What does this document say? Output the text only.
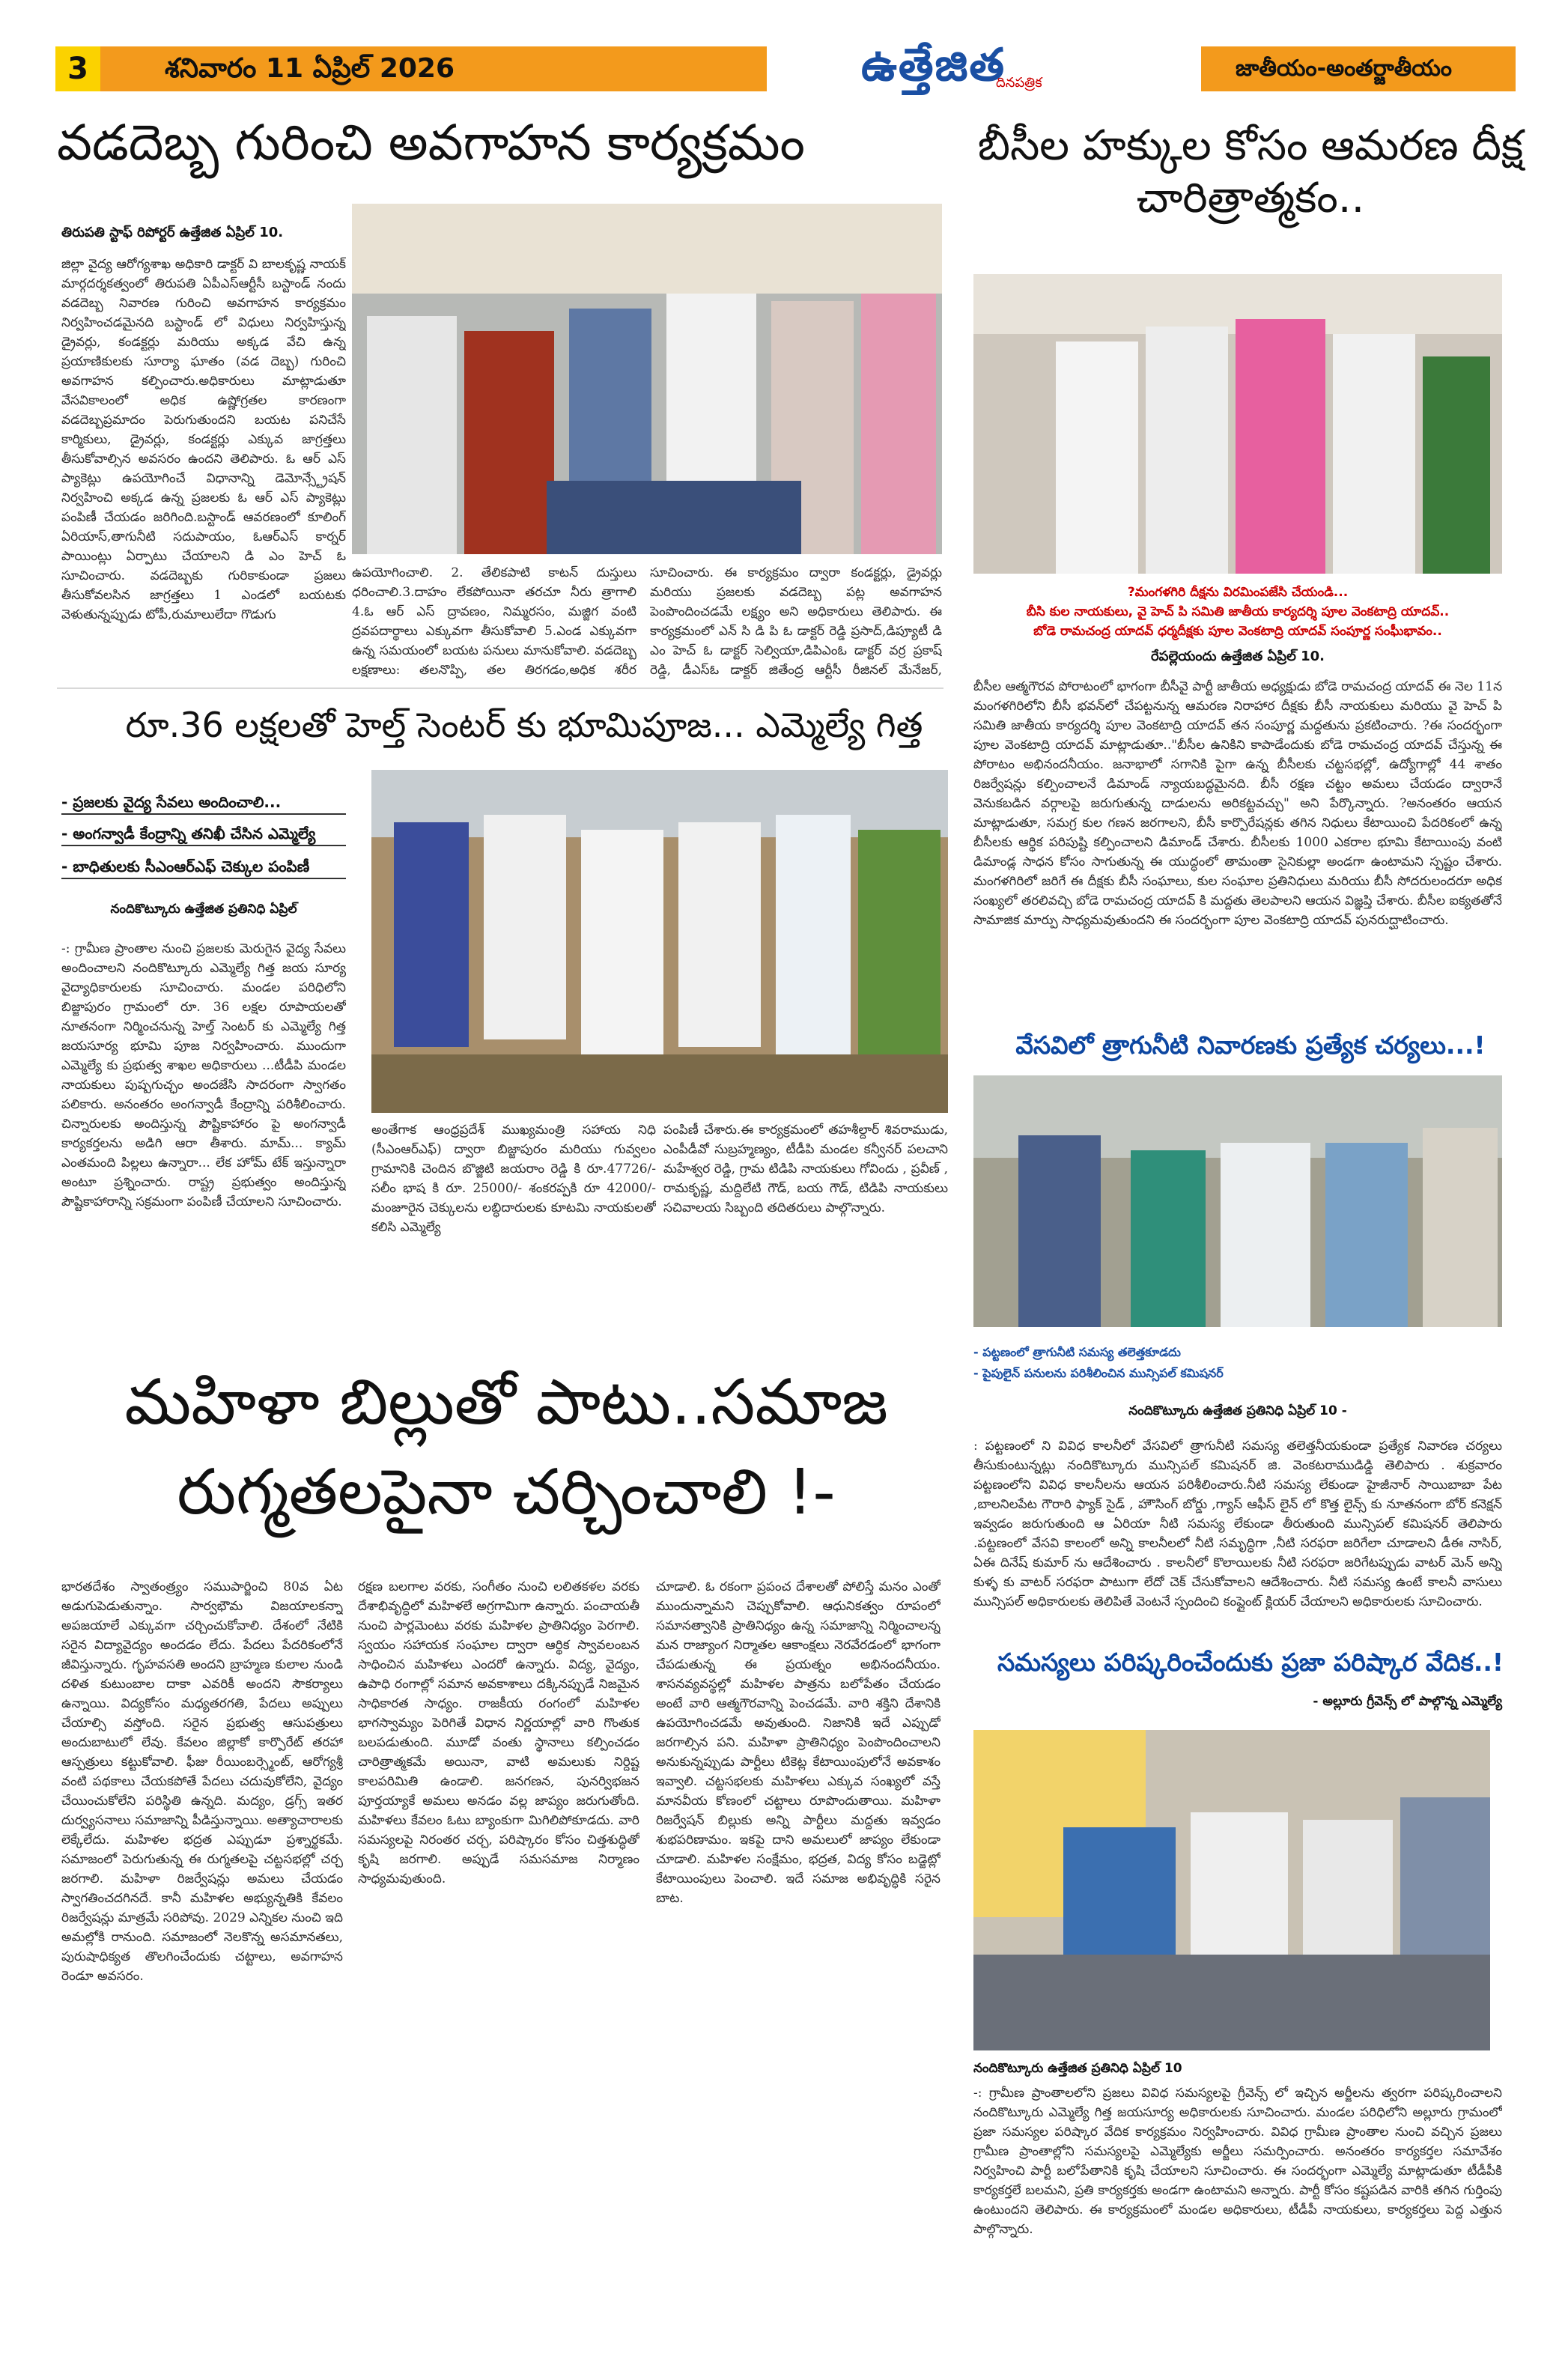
3	శనివారం 11 ఏప్రిల్ 2026	ఉత్తేజిత
దినపత్రిక
జాతీయం-అంతర్జాతీయం
వడదెబ్బ గురించి అవగాహన కార్యక్రమం
తిరుపతి స్టాఫ్ రిపోర్టర్ ఉత్తేజిత ఏప్రిల్ 10.
జిల్లా వైద్య ఆరోగ్యశాఖ అధికారి డాక్టర్ వి బాలకృష్ణ నాయక్ మార్గదర్శకత్వంలో తిరుపతి ఏపీఎస్ఆర్టీసీ బస్టాండ్ నందు వడదెబ్బ నివారణ గురించి అవగాహన కార్యక్రమం నిర్వహించడమైనది బస్టాండ్ లో విధులు నిర్వహిస్తున్న డ్రైవర్లు, కండక్టర్లు మరియు అక్కడ వేచి ఉన్న ప్రయాణికులకు సూర్యా ఘాతం (వడ దెబ్బ) గురించి అవగాహన కల్పించారు.అధికారులు మాట్లాడుతూ వేసవికాలంలో అధిక ఉష్ణోగ్రతల కారణంగా వడదెబ్బప్రమాదం పెరుగుతుందని బయట పనిచేసే కార్మికులు, డ్రైవర్లు, కండక్టర్లు ఎక్కువ జాగ్రత్తలు తీసుకోవాల్సిన అవసరం ఉందని తెలిపారు. ఓ ఆర్ ఎస్ ప్యాకెట్లు ఉపయోగించే విధానాన్ని డెమోన్స్ట్రేషన్ నిర్వహించి అక్కడ ఉన్న ప్రజలకు ఓ ఆర్ ఎస్ ప్యాకెట్లు పంపిణీ చేయడం జరిగింది.బస్టాండ్ ఆవరణంలో కూలింగ్ ఏరియాస్,తాగునీటి సదుపాయం, ఓఆర్ఎస్ కార్నర్ పాయింట్లు ఏర్పాటు చేయాలని డి ఎం హెచ్ ఓ సూచించారు. వడదెబ్బకు గురికాకుండా ప్రజలు తీసుకోవలసిన జాగ్రత్తలు 1 ఎండలో బయటకు వెళుతున్నప్పుడు టోపీ,రుమాలులేదా గొడుగు
ఉపయోగించాలి. 2. తేలికపాటి కాటన్ దుస్తులు ధరించాలి.3.దాహం లేకపోయినా తరచూ నీరు త్రాగాలి 4.ఓ ఆర్ ఎస్ ద్రావణం, నిమ్మరసం, మజ్జిగ వంటి ద్రవపదార్థాలు ఎక్కువగా తీసుకోవాలి 5.ఎండ ఎక్కువగా ఉన్న సమయంలో బయట పనులు మానుకోవాలి. వడదెబ్బ లక్షణాలు: తలనొప్పి, తల తిరగడం,అధిక శరీర
సూచించారు. ఈ కార్యక్రమం ద్వారా కండక్టర్లు, డ్రైవర్లు మరియు ప్రజలకు వడదెబ్బ పట్ల అవగాహన పెంపొందించడమే లక్ష్యం అని అధికారులు తెలిపారు. ఈ కార్యక్రమంలో ఎన్ సి డి పి ఓ డాక్టర్ రెడ్డి ప్రసాద్,డిప్యూటీ డి ఎం హెచ్ ఓ డాక్టర్ సెల్వియా,డిపిఎంఓ డాక్టర్ వర్ర ప్రకాష్ రెడ్డి, డీఎస్ఓ డాక్టర్ జితేంద్ర ఆర్టీసీ రీజినల్ మేనేజర్,
బీసీల హక్కుల కోసం ఆమరణ దీక్ష చారిత్రాత్మకం..
?మంగళగిరి దీక్షను విరమింపజేసి చేయండి...
బీసి కుల నాయకులు, వై హెచ్ పి సమితి జాతీయ కార్యదర్శి పూల వెంకటాద్రి యాదవ్..
బోడె రామచంద్ర యాదవ్ ధర్మదీక్షకు పూల వెంకటాద్రి యాదవ్ సంపూర్ణ సంఘీభావం..
రేపల్లెయందు ఉత్తేజిత ఏప్రిల్ 10.
బీసీల ఆత్మగౌరవ పోరాటంలో భాగంగా బీసీవై పార్టీ జాతీయ అధ్యక్షుడు బోడె రామచంద్ర యాదవ్ ఈ నెల 11న మంగళగిరిలోని బీసీ భవన్‌లో చేపట్టనున్న ఆమరణ నిరాహార దీక్షకు బీసీ నాయకులు మరియు వై హెచ్ పి సమితి జాతీయ కార్యదర్శి పూల వెంకటాద్రి యాదవ్ తన సంపూర్ణ మద్దతును ప్రకటించారు. ?ఈ సందర్భంగా పూల వెంకటాద్రి యాదవ్ మాట్లాడుతూ.."బీసీల ఉనికిని కాపాడేందుకు బోడె రామచంద్ర యాదవ్ చేస్తున్న ఈ పోరాటం అభినందనీయం. జనాభాలో సగానికి పైగా ఉన్న బీసీలకు చట్టసభల్లో, ఉద్యోగాల్లో 44 శాతం రిజర్వేషన్లు కల్పించాలనే డిమాండ్ న్యాయబద్ధమైనది. బీసీ రక్షణ చట్టం అమలు చేయడం ద్వారానే వెనుకబడిన వర్గాలపై జరుగుతున్న దాడులను అరికట్టవచ్చు" అని పేర్కొన్నారు. ?అనంతరం ఆయన మాట్లాడుతూ, సమగ్ర కుల గణన జరగాలని, బీసీ కార్పొరేషన్లకు తగిన నిధులు కేటాయించి పేదరికంలో ఉన్న బీసీలకు ఆర్థిక పరిపుష్టి కల్పించాలని డిమాండ్ చేశారు. బీసీలకు 1000 ఎకరాల భూమి కేటాయింపు వంటి డిమాండ్ల సాధన కోసం సాగుతున్న ఈ యుద్ధంలో తామంతా సైనికుల్లా అండగా ఉంటామని స్పష్టం చేశారు. మంగళగిరిలో జరిగే ఈ దీక్షకు బీసీ సంఘాలు, కుల సంఘాల ప్రతినిధులు మరియు బీసీ సోదరులందరూ అధిక సంఖ్యలో తరలివచ్చి బోడె రామచంద్ర యాదవ్ కి మద్దతు తెలపాలని ఆయన విజ్ఞప్తి చేశారు. బీసీల ఐక్యతతోనే సామాజిక మార్పు సాధ్యమవుతుందని ఈ సందర్భంగా పూల వెంకటాద్రి యాదవ్ పునరుద్ఘాటించారు.
రూ.36 లక్షలతో హెల్త్ సెంటర్ కు భూమిపూజ... ఎమ్మెల్యే గిత్త
- ప్రజలకు వైద్య సేవలు అందించాలి...
- అంగన్వాడీ కేంద్రాన్ని తనిఖీ చేసిన ఎమ్మెల్యే
- బాధితులకు సీఎంఆర్ఎఫ్ చెక్కుల పంపిణీ
నందికొట్కూరు ఉత్తేజిత ప్రతినిధి ఏప్రిల్
-: గ్రామీణ ప్రాంతాల నుంచి ప్రజలకు మెరుగైన వైద్య సేవలు అందించాలని నందికొట్కూరు ఎమ్మెల్యే గిత్త జయ సూర్య వైద్యాధికారులకు సూచించారు. మండల పరిధిలోని బిజ్జాపురం గ్రామంలో రూ. 36 లక్షల రూపాయలతో నూతనంగా నిర్మించనున్న హెల్త్ సెంటర్ కు ఎమ్మెల్యే గిత్త జయసూర్య భూమి పూజ నిర్వహించారు. ముందుగా ఎమ్మెల్యే కు ప్రభుత్వ శాఖల అధికారులు ...టీడీపి మండల నాయకులు పుష్పగుచ్ఛం అందజేసి సాదరంగా స్వాగతం పలికారు. అనంతరం అంగన్వాడీ కేంద్రాన్ని పరిశీలించారు. చిన్నారులకు అందిస్తున్న పౌష్టికాహారం పై అంగన్వాడీ కార్యకర్తలను అడిగి ఆరా తీశారు. మామ్... క్యామ్ ఎంతమంది పిల్లలు ఉన్నారా... లేక హోమ్ టేక్ ఇస్తున్నారా అంటూ ప్రశ్నించారు. రాష్ట్ర ప్రభుత్వం అందిస్తున్న పౌష్టికాహారాన్ని సక్రమంగా పంపిణీ చేయాలని సూచించారు.
అంతేగాక ఆంధ్రప్రదేశ్ ముఖ్యమంత్రి సహాయ నిధి (సీఎంఆర్ఎఫ్) ద్వారా బిజ్జాపురం మరియు గువ్వలం గ్రామానికి చెందిన బొజ్జిటి జయరాం రెడ్డి కి రూ.47726/- సలీం భాష కి రూ. 25000/- శంకరప్పకి రూ 42000/- మంజూరైన చెక్కులను లబ్ధిదారులకు కూటమి నాయకులతో కలిసి ఎమ్మెల్యే
పంపిణీ చేశారు.ఈ కార్యక్రమంలో తహశీల్దార్ శివరాముడు, ఎంపీడీవో సుబ్రహ్మణ్యం, టీడీపి మండల కన్వీనర్ పలచాని మహేశ్వర రెడ్డి, గ్రామ టిడిపి నాయకులు గోవిందు , ప్రవీణ్ , రామకృష్ణ, మద్దిలేటి గౌడ్, బయ గౌడ్, టిడిపి నాయకులు సచివాలయ సిబ్బంది తదితరులు పాల్గొన్నారు.
వేసవిలో త్రాగునీటి నివారణకు ప్రత్యేక చర్యలు...!
- పట్టణంలో త్రాగునీటి సమస్య తలెత్తకూడదు
- పైపులైన్ పనులను పరిశీలించిన మున్సిపల్ కమిషనర్
నందికొట్కూరు ఉత్తేజిత ప్రతినిధి ఏప్రిల్ 10 -
: పట్టణంలో ని వివిధ కాలనీలో వేసవిలో త్రాగునీటి సమస్య తలెత్తనీయకుండా ప్రత్యేక నివారణ చర్యలు తీసుకుంటున్నట్లు నందికొట్కూరు మున్సిపల్ కమిషనర్ జి. వెంకటరాముడిడ్డి తెలిపారు . శుక్రవారం పట్టణంలోని వివిధ కాలనీలను ఆయన పరిశీలించారు.నీటి సమస్య లేకుండా హైజీనార్ సాయిబాబా పేట ,బాలనిలపేట గౌరారి ఫ్యాక్ సైడ్ , హౌసింగ్ బోర్డు ,గ్యాస్ ఆఫీస్ లైన్ లో కొత్త లైన్స్ కు నూతనంగా బోర్ కనెక్షన్ ఇవ్వడం జరుగుతుంది ఆ ఏరియా నీటి సమస్య లేకుండా తీరుతుంది మున్సిపల్ కమిషనర్ తెలిపారు .పట్టణంలో వేసవి కాలంలో అన్ని కాలనీలలో నీటి సమృద్ధిగా ,నీటి సరఫరా జరిగేలా చూడాలని డీఈ నాసిర్, ఏఈ దినేష్ కుమార్ ను ఆదేశించారు . కాలనీలో కొలాయిలకు నీటి సరఫరా జరిగేటప్పుడు వాటర్ మెన్ అన్ని కుళ్ళ కు వాటర్ సరఫరా పాటుగా లేదో చెక్ చేసుకోవాలని ఆదేశించారు. నీటి సమస్య ఉంటే కాలనీ వాసులు మున్సిపల్ అధికారులకు తెలిపితే వెంటనే స్పందించి కంప్లైంట్ క్లియర్ చేయాలని అధికారులకు సూచించారు.
మహిళా బిల్లుతో పాటు..సమాజ
రుగ్మతలపైనా చర్చించాలి !-
భారతదేశం స్వాతంత్ర్యం సముపార్జించి 80వ ఏట అడుగుపెడుతున్నాం. సార్వభౌమ విజయాలకన్నా అపజయాలే ఎక్కువగా చర్చించుకోవాలి. దేశంలో నేటికి సరైన విద్యావైద్యం అందడం లేదు. పేదలు పేదరికంలోనే జీవిస్తున్నారు. గృహవసతి అందని బ్రాహ్మణ కులాల నుండి దళిత కుటుంబాల దాకా ఎవరికీ అందని సౌకర్యాలు ఉన్నాయి. విద్యకోసం మధ్యతరగతి, పేదలు అప్పులు చేయాల్సి వస్తోంది. సరైన ప్రభుత్వ ఆసుపత్రులు అందుబాటులో లేవు. కేవలం జిల్లాకో కార్పొరేట్ తరహా ఆస్పత్రులు కట్టుకోవాలి. ఫీజు రీయింబర్స్మెంట్, ఆరోగ్యశ్రీ వంటి పథకాలు చేయకపోతే పేదలు చదువుకోలేని, వైద్యం చేయించుకోలేని పరిస్థితి ఉన్నది. మద్యం, డ్రగ్స్ ఇతర దుర్వ్యసనాలు సమాజాన్ని పీడిస్తున్నాయి. అత్యాచారాలకు లెక్కేలేదు. మహిళల భద్రత ఎప్పుడూ ప్రశ్నార్థకమే. సమాజంలో పెరుగుతున్న ఈ రుగ్మతలపై చట్టసభల్లో చర్చ జరగాలి. మహిళా రిజర్వేషన్లు అమలు చేయడం స్వాగతించదగినదే. కానీ మహిళల అభ్యున్నతికి కేవలం రిజర్వేషన్లు మాత్రమే సరిపోవు. 2029 ఎన్నికల నుంచి ఇది అమల్లోకి రానుంది. సమాజంలో నెలకొన్న అసమానతలు, పురుషాధిక్యత తొలగించేందుకు చట్టాలు, అవగాహన రెండూ అవసరం.
రక్షణ బలగాల వరకు, సంగీతం నుంచి లలితకళల వరకు దేశాభివృద్ధిలో మహిళలే అగ్రగామిగా ఉన్నారు. పంచాయతీ నుంచి పార్లమెంటు వరకు మహిళల ప్రాతినిధ్యం పెరగాలి. స్వయం సహాయక సంఘాల ద్వారా ఆర్థిక స్వావలంబన సాధించిన మహిళలు ఎందరో ఉన్నారు. విద్య, వైద్యం, ఉపాధి రంగాల్లో సమాన అవకాశాలు దక్కినప్పుడే నిజమైన సాధికారత సాధ్యం. రాజకీయ రంగంలో మహిళల భాగస్వామ్యం పెరిగితే విధాన నిర్ణయాల్లో వారి గొంతుక బలపడుతుంది. మూడో వంతు స్థానాలు కల్పించడం చారిత్రాత్మకమే అయినా, వాటి అమలుకు నిర్దిష్ట కాలపరిమితి ఉండాలి. జనగణన, పునర్విభజన పూర్తయ్యాకే అమలు అనడం వల్ల జాప్యం జరుగుతోంది. మహిళలు కేవలం ఓటు బ్యాంకుగా మిగిలిపోకూడదు. వారి సమస్యలపై నిరంతర చర్చ, పరిష్కారం కోసం చిత్తశుద్ధితో కృషి జరగాలి. అప్పుడే సమసమాజ నిర్మాణం సాధ్యమవుతుంది.
చూడాలి. ఓ రకంగా ప్రపంచ దేశాలతో పోలిస్తే మనం ఎంతో ముందున్నామని చెప్పుకోవాలి. ఆధునికత్వం రూపంలో సమానత్వానికి ప్రాతినిధ్యం ఉన్న సమాజాన్ని నిర్మించాలన్న మన రాజ్యాంగ నిర్మాతల ఆకాంక్షలు నెరవేరడంలో భాగంగా చేపడుతున్న ఈ ప్రయత్నం అభినందనీయం. శాసనవ్యవస్థల్లో మహిళల పాత్రను బలోపేతం చేయడం అంటే వారి ఆత్మగౌరవాన్ని పెంచడమే. వారి శక్తిని దేశానికి ఉపయోగించడమే అవుతుంది. నిజానికి ఇదే ఎప్పుడో జరగాల్సిన పని. మహిళా ప్రాతినిధ్యం పెంపొందించాలని అనుకున్నప్పుడు పార్టీలు టికెట్ల కేటాయింపులోనే అవకాశం ఇవ్వాలి. చట్టసభలకు మహిళలు ఎక్కువ సంఖ్యలో వస్తే మానవీయ కోణంలో చట్టాలు రూపొందుతాయి. మహిళా రిజర్వేషన్ బిల్లుకు అన్ని పార్టీలు మద్దతు ఇవ్వడం శుభపరిణామం. ఇకపై దాని అమలులో జాప్యం లేకుండా చూడాలి. మహిళల సంక్షేమం, భద్రత, విద్య కోసం బడ్జెట్లో కేటాయింపులు పెంచాలి. ఇదే సమాజ అభివృద్ధికి సరైన బాట.
సమస్యలు పరిష్కరించేందుకు ప్రజా పరిష్కార వేదిక..!
- అల్లూరు గ్రీవెన్స్ లో పాల్గొన్న ఎమ్మెల్యే
నందికొట్కూరు ఉత్తేజిత ప్రతినిధి ఏప్రిల్ 10
-: గ్రామీణ ప్రాంతాలలోని ప్రజలు వివిధ సమస్యలపై గ్రీవెన్స్ లో ఇచ్చిన అర్జీలను త్వరగా పరిష్కరించాలని నందికొట్కూరు ఎమ్మెల్యే గిత్త జయసూర్య అధికారులకు సూచించారు. మండల పరిధిలోని అల్లూరు గ్రామంలో ప్రజా సమస్యల పరిష్కార వేదిక కార్యక్రమం నిర్వహించారు. వివిధ గ్రామీణ ప్రాంతాల నుంచి వచ్చిన ప్రజలు గ్రామీణ ప్రాంతాల్లోని సమస్యలపై ఎమ్మెల్యేకు అర్జీలు సమర్పించారు. అనంతరం కార్యకర్తల సమావేశం నిర్వహించి పార్టీ బలోపేతానికి కృషి చేయాలని సూచించారు. ఈ సందర్భంగా ఎమ్మెల్యే మాట్లాడుతూ టీడీపీకి కార్యకర్తలే బలమని, ప్రతి కార్యకర్తకు అండగా ఉంటామని అన్నారు. పార్టీ కోసం కష్టపడిన వారికి తగిన గుర్తింపు ఉంటుందని తెలిపారు. ఈ కార్యక్రమంలో మండల అధికారులు, టీడీపీ నాయకులు, కార్యకర్తలు పెద్ద ఎత్తున పాల్గొన్నారు.
